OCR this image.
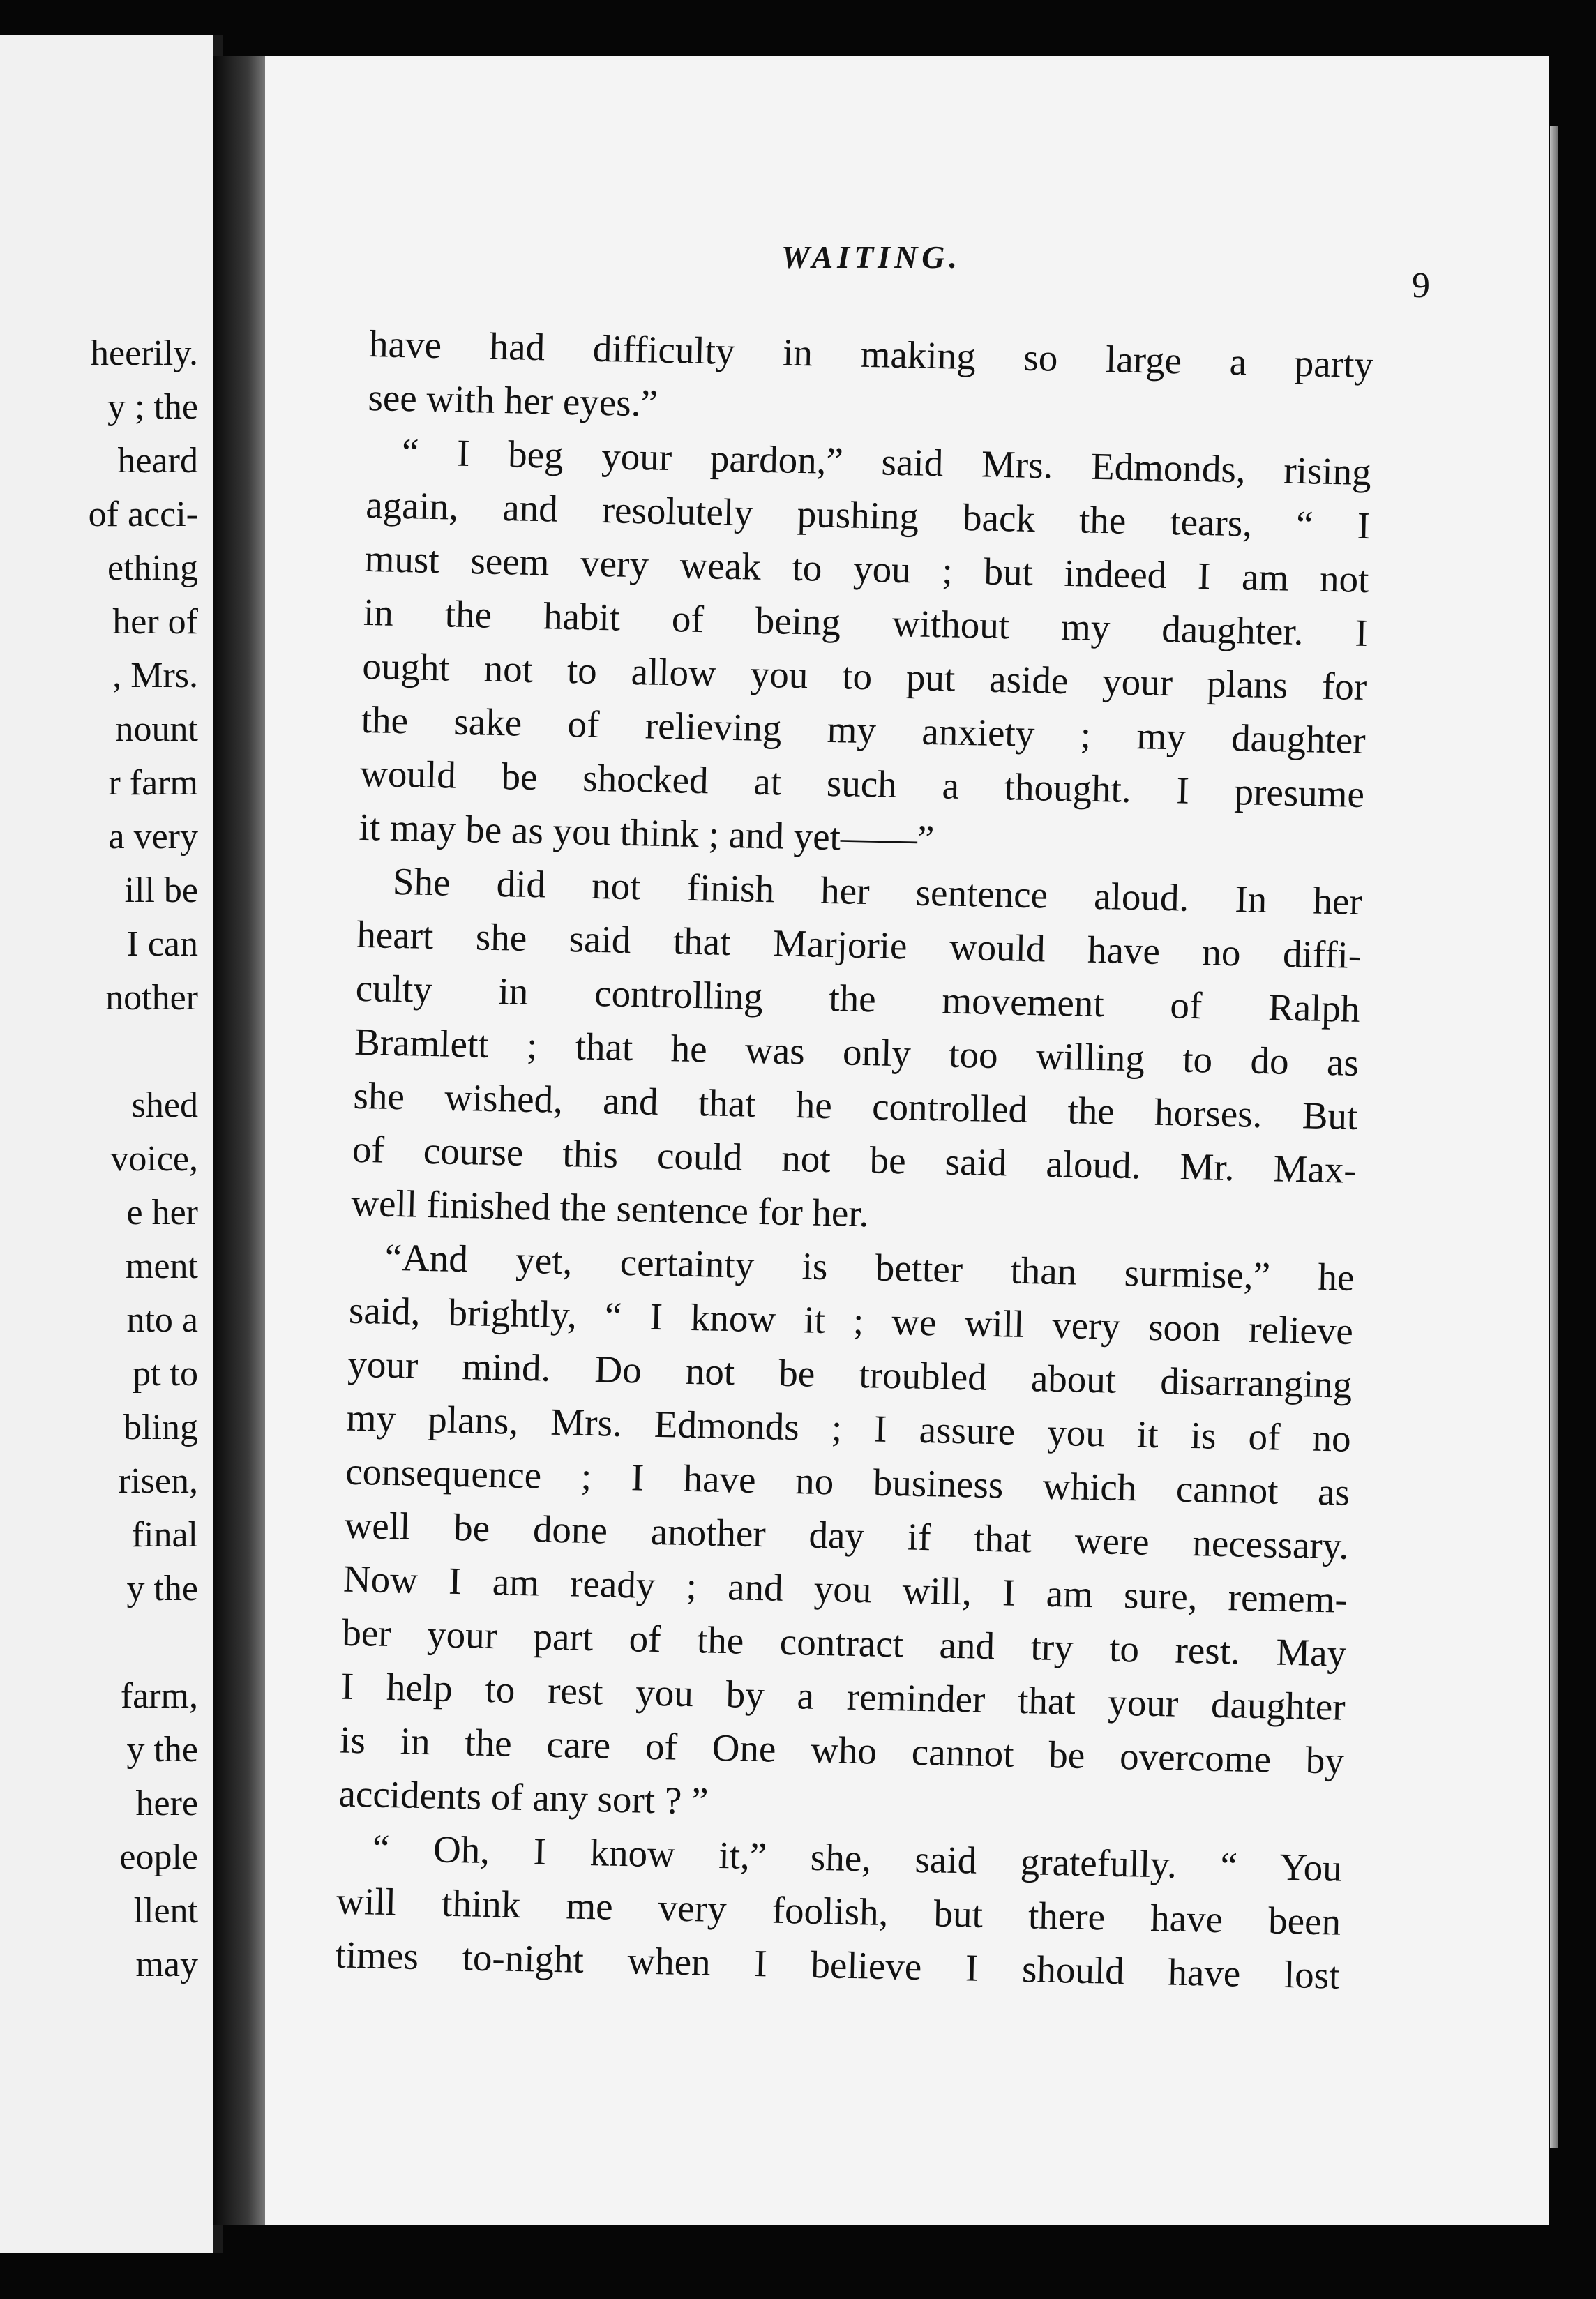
heerily.
y ; the
heard
of acci-
ething
her of
, Mrs.
nount
r farm
a very
ill be
I can
nother
shed
voice,
e her
ment
nto a
pt to
bling
risen,
final
y the
farm,
y the
here
eople
llent
may
WAITING.
9
have had difficulty in making so large a party
see with her eyes.”
“ I beg your pardon,” said Mrs. Edmonds, rising
again, and resolutely pushing back the tears, “ I
must seem very weak to you ; but indeed I am not
in the habit of being without my daughter. I
ought not to allow you to put aside your plans for
the sake of relieving my anxiety ; my daughter
would be shocked at such a thought. I presume
it may be as you think ; and yet——”
She did not finish her sentence aloud. In her
heart she said that Marjorie would have no diffi-
culty in controlling the movement of Ralph
Bramlett ; that he was only too willing to do as
she wished, and that he controlled the horses. But
of course this could not be said aloud. Mr. Max-
well finished the sentence for her.
“And yet, certainty is better than surmise,” he
said, brightly, “ I know it ; we will very soon relieve
your mind. Do not be troubled about disarranging
my plans, Mrs. Edmonds ; I assure you it is of no
consequence ; I have no business which cannot as
well be done another day if that were necessary.
Now I am ready ; and you will, I am sure, remem-
ber your part of the contract and try to rest. May
I help to rest you by a reminder that your daughter
is in the care of One who cannot be overcome by
accidents of any sort ? ”
“ Oh, I know it,” she, said gratefully. “ You
will think me very foolish, but there have been
times to-night when I believe I should have lost
